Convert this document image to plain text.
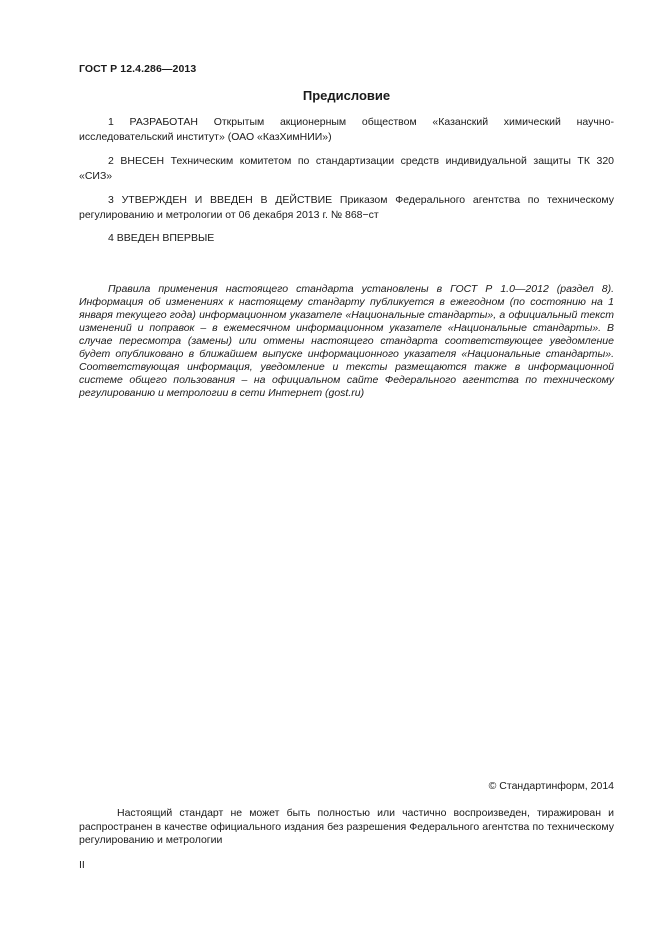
ГОСТ Р 12.4.286—2013
Предисловие

1 РАЗРАБОТАН Открытым акционерным обществом «Казанский химический научно-исследовательский институт» (ОАО «КазХимНИИ»)

2 ВНЕСЕН Техническим комитетом по стандартизации средств индивидуальной защиты ТК 320 «СИЗ»

3 УТВЕРЖДЕН И ВВЕДЕН В ДЕЙСТВИЕ Приказом Федерального агентства по техническому регулированию и метрологии от 06 декабря 2013 г. № 868−ст

4 ВВЕДЕН ВПЕРВЫЕ

Правила применения настоящего стандарта установлены в ГОСТ Р 1.0—2012 (раздел 8). Информация об изменениях к настоящему стандарту публикуется в ежегодном (по состоянию на 1 января текущего года) информационном указателе «Национальные стандарты», а официальный текст изменений и поправок – в ежемесячном информационном указателе «Национальные стандарты». В случае пересмотра (замены) или отмены настоящего стандарта соответствующее уведомление будет опубликовано в ближайшем выпуске информационного указателя «Национальные стандарты». Соответствующая информация, уведомление и тексты размещаются также в информационной системе общего пользования – на официальном сайте Федерального агентства по техническому регулированию и метрологии в сети Интернет (gost.ru)

© Стандартинформ, 2014

Настоящий стандарт не может быть полностью или частично воспроизведен, тиражирован и распространен в качестве официального издания без разрешения Федерального агентства по техническому регулированию и метрологии

II
